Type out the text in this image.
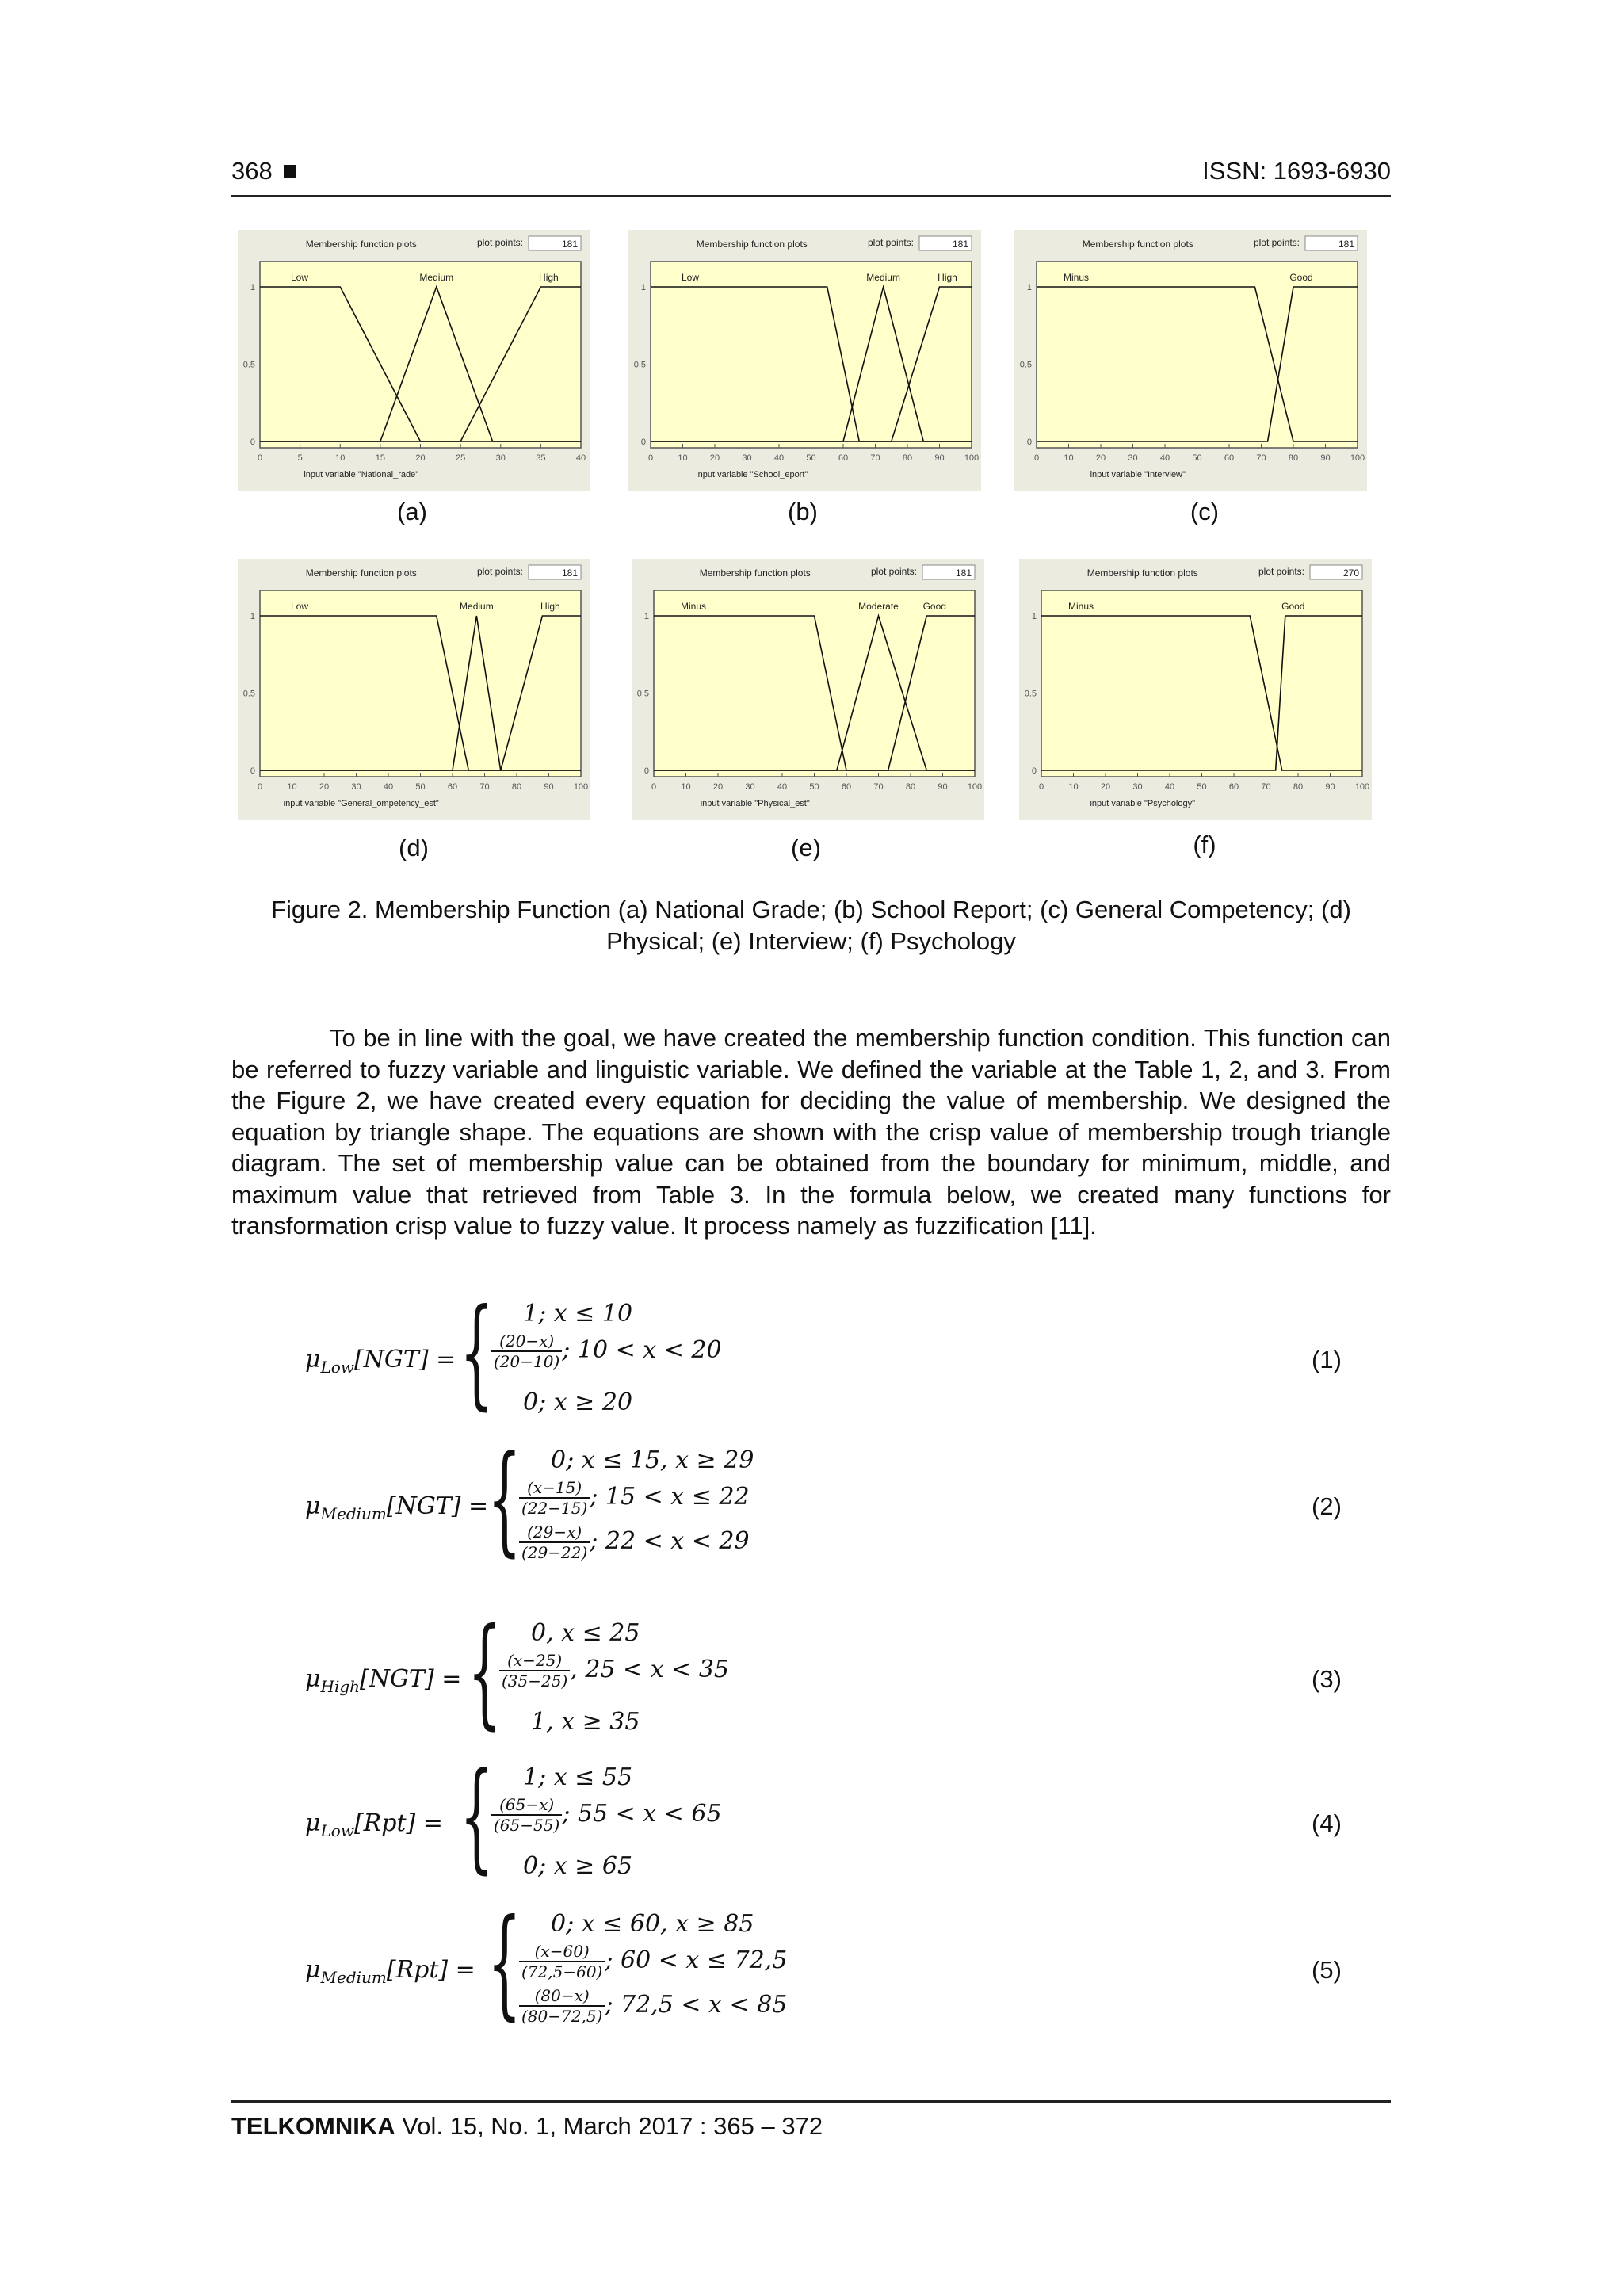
368	ISSN: 1693-6930
Membership function plots	plot points:	181
0	5	10	15	20	25	30	35	40
0
0.5
1
input variable "National_rade"
Low	Medium	High
Membership function plots	plot points:	181
0	10	20	30	40	50	60	70	80	90 100
0
0.5
1
input variable "School_eport"
Low	Medium	High
Membership function plots	plot points:	181
0	10	20	30	40	50	60	70	80	90 100
0
0.5
1
input variable "Interview"
Minus	Good
Membership function plots	plot points:	181
0	10	20	30	40	50	60	70	80	90 100
0
0.5
1
input variable "General_ompetency_est"
Low	Medium	High
Membership function plots	plot points:	181
0	10	20	30	40	50	60	70	80	90 100
0
0.5
1
input variable "Physical_est"
Minus	Moderate	Good
Membership function plots	plot points:	270
0	10	20	30	40	50	60	70	80	90 100
0
0.5
1
input variable "Psychology"
Minus	Good
Figure 2. Membership Function (a) National Grade; (b) School Report; (c) General Competency; (d) Physical; (e) Interview; (f) Psychology
To be in line with the goal, we have created the membership function condition. This function can be referred to fuzzy variable and linguistic variable. We defined the variable at the Table 1, 2, and 3. From the Figure 2, we have created every equation for deciding the value of membership. We designed the equation by triangle shape. The equations are shown with the crisp value of membership trough triangle diagram. The set of membership value can be obtained from the boundary for minimum, middle, and maximum value that retrieved from Table 3. In the formula below, we created many functions for transformation crisp value to fuzzy value. It process namely as fuzzification [11].
$\mu_{Low}[NGT]$ = { 1; x ≤ 10
$\frac{(20-x)}{(20-10)}$ ; 10 < x < 20
0; x ≥ 20
(1)
$\mu_{Medium}[NGT]$ =
{ 0; x ≤ 15, x ≥ 29
$\frac{(x-15)}{(22-15)}$ ; 15 < x ≤ 22
$\frac{(29-x)}{(29-22)}$ ; 22 < x < 29
(2)
$\mu_{High}[NGT]$ = { 0, x ≤ 25
$\frac{(x-25)}{(35-25)}$ , 25 < x < 35
1, x ≥ 35
(3)
$\mu_{Low}[Rpt]$ = { 1; x ≤ 55
$\frac{(65-x)}{(65-55)}$ ; 55 < x < 65
0; x ≥ 65
(4)
$\mu_{Medium}[Rpt]$ = { 0; x ≤ 60, x ≥ 85
$\frac{(x-60)}{(72,5-60)}$ ; 60 < x ≤ 72,5
$\frac{(80-x)}{(80-72,5)}$ ; 72,5 < x < 85
(5)
TELKOMNIKA Vol. 15, No. 1, March 2017 : 365 – 372
(a)	(b)	(c)
(d)	(e)	(f)
